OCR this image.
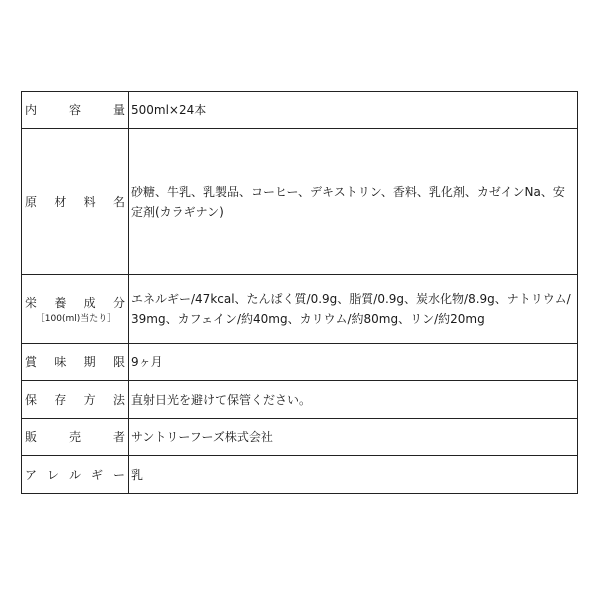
内 容 量	500ml×24本

原 材 料 名	砂糖、牛乳、乳製品、コーヒー、デキストリン、香料、乳化剤、カゼインNa、安定剤(カラギナン)

栄 養 成 分
［100(ml)当たり］	エネルギー/47kcal、たんぱく質/0.9g、脂質/0.9g、炭水化物/8.9g、ナトリウム/39mg、カフェイン/約40mg、カリウム/約80mg、リン/約20mg

賞 味 期 限	9ヶ月

保 存 方 法	直射日光を避けて保管ください。

販 売 者	サントリーフーズ株式会社

ア レ ル ギ ー	乳
